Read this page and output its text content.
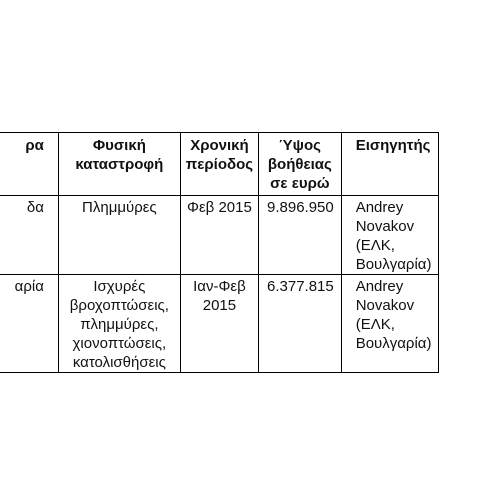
ρα	Φυσική καταστροφή	Χρονική περίοδος	Ύψος βοήθειας σε ευρώ	Εισηγητής
δα	Πλημμύρες	Φεβ 2015	9.896.950	Andrey Novakov (ΕΛΚ, Βουλγαρία)
αρία	Ισχυρές βροχοπτώσεις, πλημμύρες, χιονοπτώσεις, κατολισθήσεις	Ιαν-Φεβ 2015	6.377.815	Andrey Novakov (ΕΛΚ, Βουλγαρία)
